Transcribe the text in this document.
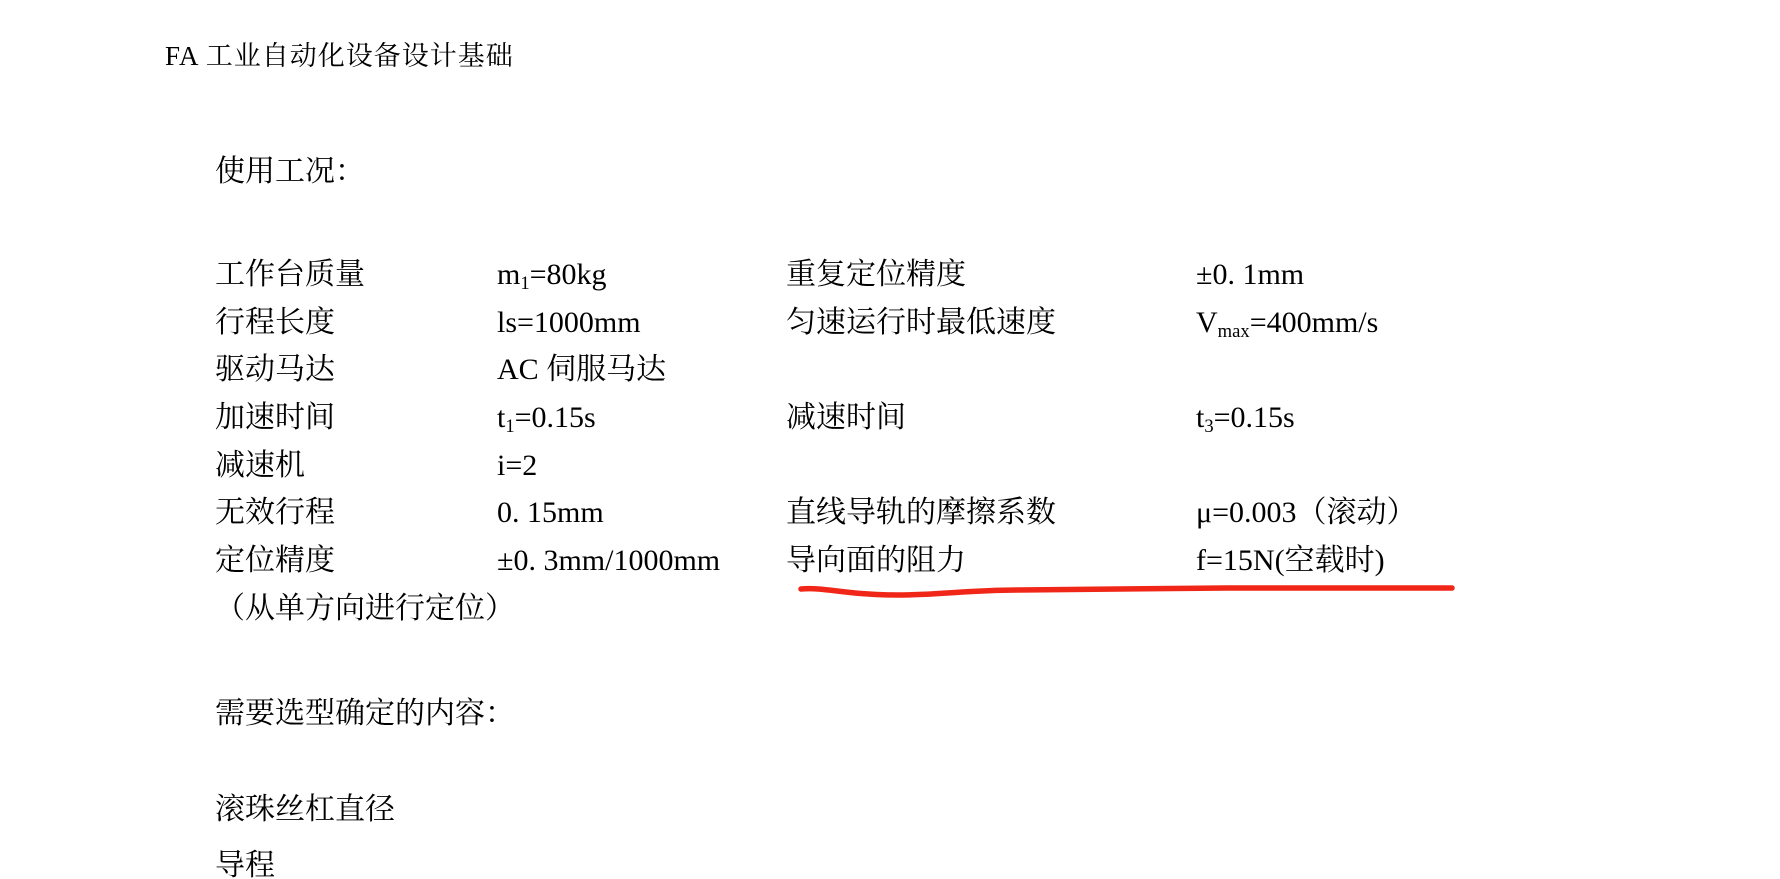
FA 工业自动化设备设计基础
使用工况：
工作台质量	m1=80kg	重复定位精度	±0. 1mm
行程长度	ls=1000mm	匀速运行时最低速度	Vmax=400mm/s
驱动马达	AC 伺服马达
加速时间	t1=0.15s	减速时间	t3=0.15s
减速机	i=2
无效行程	0. 15mm	直线导轨的摩擦系数	μ=0.003（滚动）
定位精度	±0. 3mm/1000mm	导向面的阻力	f=15N(空载时)
（从单方向进行定位）
需要选型确定的内容：
滚珠丝杠直径
导程
